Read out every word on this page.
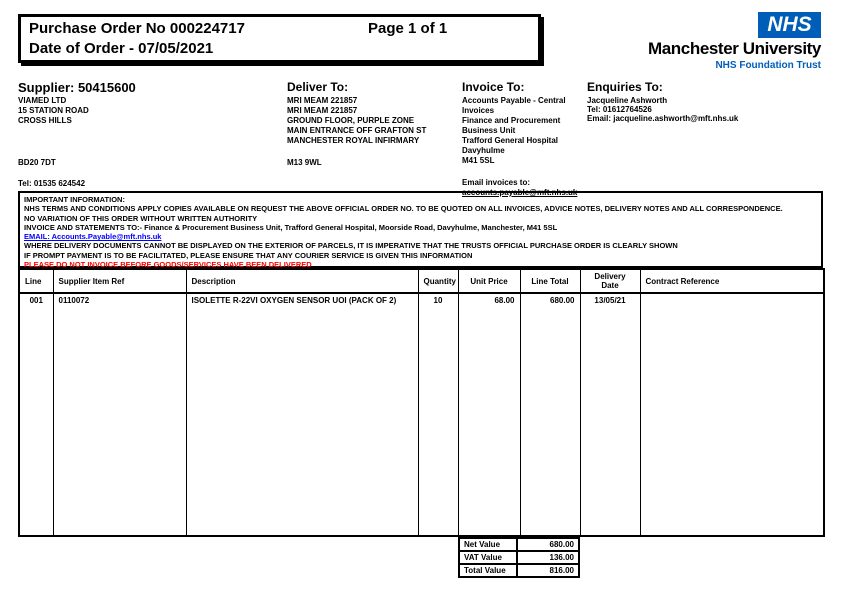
Purchase Order No 000224717	Page 1 of 1
Date of Order - 07/05/2021
NHS
Manchester University
NHS Foundation Trust
Supplier: 50415600
VIAMED LTD
15 STATION ROAD
CROSS HILLS
BD20 7DT
Tel: 01535 624542
Deliver To:
MRI MEAM 221857
MRI MEAM 221857
GROUND FLOOR, PURPLE ZONE
MAIN ENTRANCE OFF GRAFTON ST
MANCHESTER ROYAL INFIRMARY
M13 9WL
Invoice To:
Accounts Payable - Central
Invoices
Finance and Procurement
Business Unit
Trafford General Hospital
Davyhulme
M41 5SL
Email invoices to:
accounts.payable@mft.nhs.uk
Enquiries To:
Jacqueline Ashworth
Tel: 01612764526
Email: jacqueline.ashworth@mft.nhs.uk
IMPORTANT INFORMATION:
NHS TERMS AND CONDITIONS APPLY COPIES AVAILABLE ON REQUEST THE ABOVE OFFICIAL ORDER NO. TO BE QUOTED ON ALL INVOICES, ADVICE NOTES, DELIVERY NOTES AND ALL CORRESPONDENCE.
NO VARIATION OF THIS ORDER WITHOUT WRITTEN AUTHORITY
INVOICE AND STATEMENTS TO:- Finance & Procurement Business Unit, Trafford General Hospital, Moorside Road, Davyhulme, Manchester, M41 5SL
EMAIL: Accounts.Payable@mft.nhs.uk
WHERE DELIVERY DOCUMENTS CANNOT BE DISPLAYED ON THE EXTERIOR OF PARCELS, IT IS IMPERATIVE THAT THE TRUSTS OFFICIAL PURCHASE ORDER IS CLEARLY SHOWN
IF PROMPT PAYMENT IS TO BE FACILITATED, PLEASE ENSURE THAT ANY COURIER SERVICE IS GIVEN THIS INFORMATION
PLEASE DO NOT INVOICE BEFORE GOODS/SERVICES HAVE BEEN DELIVERED
Line	Supplier Item Ref	Description	Quantity	Unit Price	Line Total	Delivery Date	Contract Reference
001	0110072	ISOLETTE R-22VI OXYGEN SENSOR UOI (PACK OF 2)	10	68.00	680.00	13/05/21	
Net Value	680.00
VAT Value	136.00
Total Value	816.00
